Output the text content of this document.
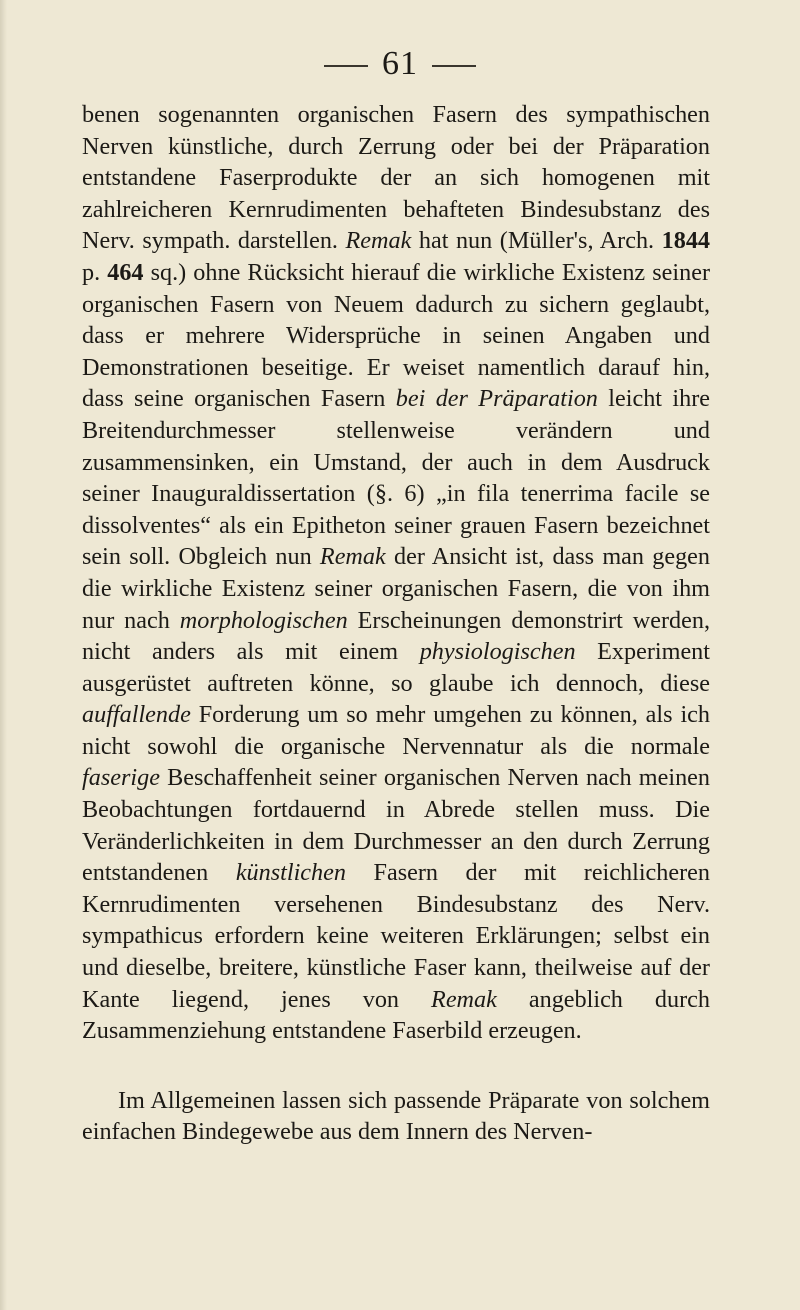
61

benen sogenannten organischen Fasern des sympathischen Nerven künstliche, durch Zerrung oder bei der Präparation entstandene Faserprodukte der an sich homogenen mit zahlreicheren Kernrudimenten behafteten Bindesubstanz des Nerv. sympath. darstellen. Remak hat nun (Müller's, Arch. 1844 p. 464 sq.) ohne Rücksicht hierauf die wirkliche Existenz seiner organischen Fasern von Neuem dadurch zu sichern geglaubt, dass er mehrere Widersprüche in seinen Angaben und Demonstrationen beseitige. Er weiset namentlich darauf hin, dass seine organischen Fasern bei der Präparation leicht ihre Breitendurchmesser stellenweise verändern und zusammensinken, ein Umstand, der auch in dem Ausdruck seiner Inauguraldissertation (§. 6) „in fila tenerrima facile se dissolventes“ als ein Epitheton seiner grauen Fasern bezeichnet sein soll. Obgleich nun Remak der Ansicht ist, dass man gegen die wirkliche Existenz seiner organischen Fasern, die von ihm nur nach morphologischen Erscheinungen demonstrirt werden, nicht anders als mit einem physiologischen Experiment ausgerüstet auftreten könne, so glaube ich dennoch, diese auffallende Forderung um so mehr umgehen zu können, als ich nicht sowohl die organische Nervennatur als die normale faserige Beschaffenheit seiner organischen Nerven nach meinen Beobachtungen fortdauernd in Abrede stellen muss. Die Veränderlichkeiten in dem Durchmesser an den durch Zerrung entstandenen künstlichen Fasern der mit reichlicheren Kernrudimenten versehenen Bindesubstanz des Nerv. sympathicus erfordern keine weiteren Erklärungen; selbst ein und dieselbe, breitere, künstliche Faser kann, theilweise auf der Kante liegend, jenes von Remak angeblich durch Zusammenziehung entstandene Faserbild erzeugen.

Im Allgemeinen lassen sich passende Präparate von solchem einfachen Bindegewebe aus dem Innern des Nerven-
